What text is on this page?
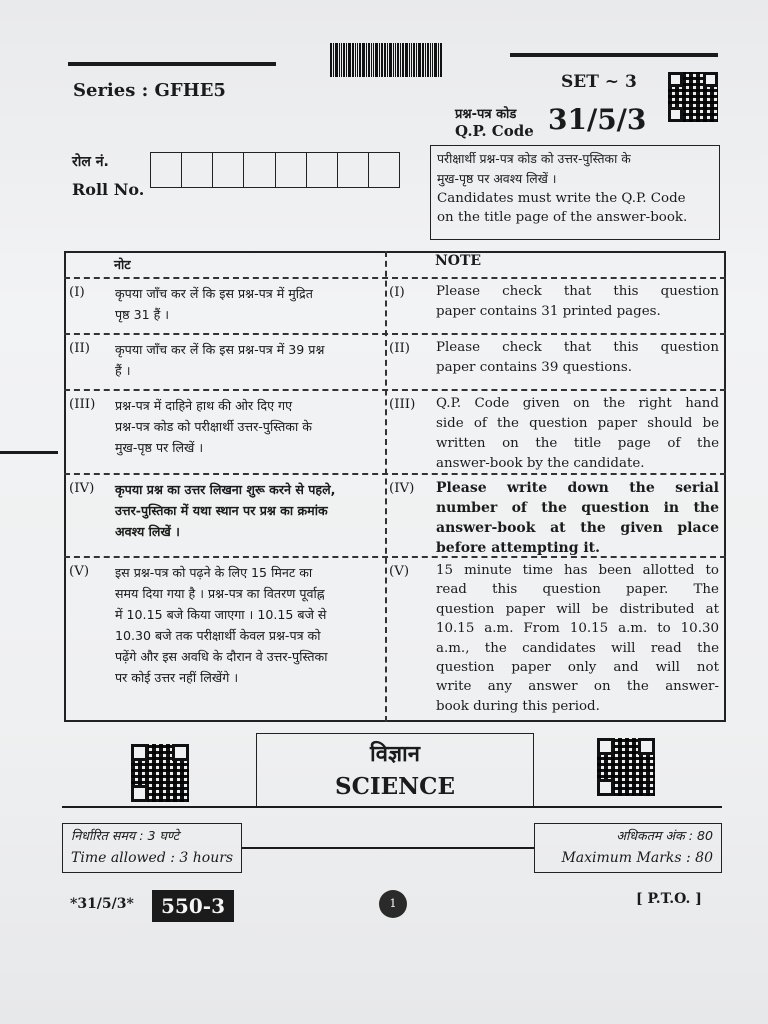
Series : GFHE5	SET ~ 3
प्रश्न-पत्र कोड
Q.P. Code 31/5/3
रोल नं.
Roll No.
परीक्षार्थी प्रश्न-पत्र कोड को उत्तर-पुस्तिका के
मुख-पृष्ठ पर अवश्य लिखें ।
Candidates must write the Q.P. Code
on the title page of the answer-book.
नोट	NOTE
(I) कृपया जाँच कर लें कि इस प्रश्न-पत्र में मुद्रित
पृष्ठ 31 हैं ।
(I) Please check that this question
paper contains 31 printed pages.
(II) कृपया जाँच कर लें कि इस प्रश्न-पत्र में 39 प्रश्न
हैं ।
(II) Please check that this question
paper contains 39 questions.
(III) प्रश्न-पत्र में दाहिने हाथ की ओर दिए गए
प्रश्न-पत्र कोड को परीक्षार्थी उत्तर-पुस्तिका के
मुख-पृष्ठ पर लिखें ।
(III) Q.P. Code given on the right hand
side of the question paper should be
written on the title page of the
answer-book by the candidate.
(IV) कृपया प्रश्न का उत्तर लिखना शुरू करने से पहले,
उत्तर-पुस्तिका में यथा स्थान पर प्रश्न का क्रमांक
अवश्य लिखें ।
(IV) Please write down the serial
number of the question in the
answer-book at the given place
before attempting it.
(V) इस प्रश्न-पत्र को पढ़ने के लिए 15 मिनट का
समय दिया गया है । प्रश्न-पत्र का वितरण पूर्वाह्न
में 10.15 बजे किया जाएगा । 10.15 बजे से
10.30 बजे तक परीक्षार्थी केवल प्रश्न-पत्र को
पढ़ेंगे और इस अवधि के दौरान वे उत्तर-पुस्तिका
पर कोई उत्तर नहीं लिखेंगे ।
(V) 15 minute time has been allotted to
read this question paper. The
question paper will be distributed at
10.15 a.m. From 10.15 a.m. to 10.30
a.m., the candidates will read the
question paper only and will not
write any answer on the answer-
book during this period.
विज्ञान
SCIENCE
निर्धारित समय : 3 घण्टे
Time allowed : 3 hours
अधिकतम अंक : 80
Maximum Marks : 80
*31/5/3*	550-3	1	[ P.T.O. ]
